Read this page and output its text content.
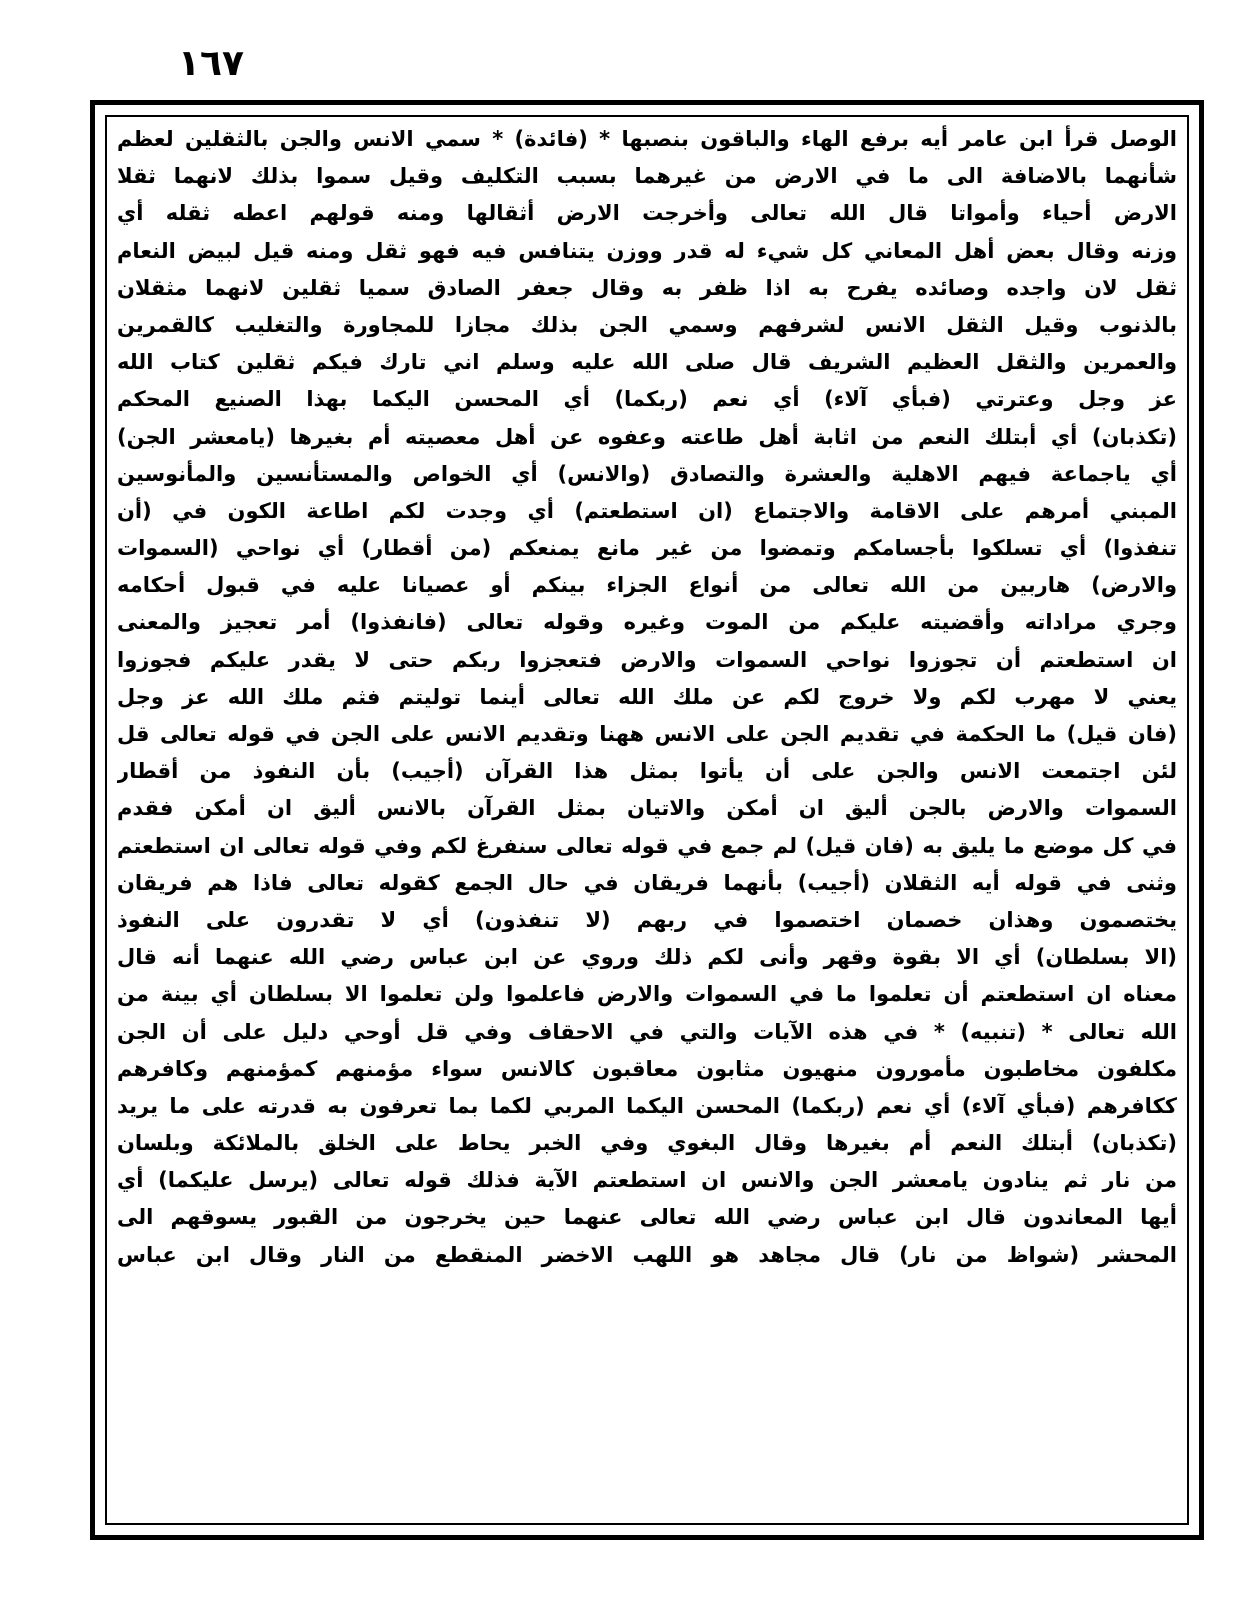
١٦٧
الوصل قرأ ابن عامر أيه برفع الهاء والباقون بنصبها * (فائدة) * سمي الانس والجن بالثقلين لعظم
شأنهما بالاضافة الى ما في الارض من غيرهما بسبب التكليف وقيل سموا بذلك لانهما ثقلا
الارض أحياء وأمواتا قال الله تعالى وأخرجت الارض أثقالها ومنه قولهم اعطه ثقله أي
وزنه وقال بعض أهل المعاني كل شيء له قدر ووزن يتنافس فيه فهو ثقل ومنه قيل لبيض النعام
ثقل لان واجده وصائده يفرح به اذا ظفر به وقال جعفر الصادق سميا ثقلين لانهما مثقلان
بالذنوب وقيل الثقل الانس لشرفهم وسمي الجن بذلك مجازا للمجاورة والتغليب كالقمرين
والعمرين والثقل العظيم الشريف قال صلى الله عليه وسلم اني تارك فيكم ثقلين كتاب الله
عز وجل وعترتي (فبأي آلاء) أي نعم (ربكما) أي المحسن اليكما بهذا الصنيع المحكم
(تكذبان) أي أبتلك النعم من اثابة أهل طاعته وعفوه عن أهل معصيته أم بغيرها (يامعشر الجن)
أي ياجماعة فيهم الاهلية والعشرة والتصادق (والانس) أي الخواص والمستأنسين والمأنوسين
المبني أمرهم على الاقامة والاجتماع (ان استطعتم) أي وجدت لكم اطاعة الكون في (أن
تنفذوا) أي تسلكوا بأجسامكم وتمضوا من غير مانع يمنعكم (من أقطار) أي نواحي (السموات
والارض) هاربين من الله تعالى من أنواع الجزاء بينكم أو عصيانا عليه في قبول أحكامه
وجري مراداته وأقضيته عليكم من الموت وغيره وقوله تعالى (فانفذوا) أمر تعجيز والمعنى
ان استطعتم أن تجوزوا نواحي السموات والارض فتعجزوا ربكم حتى لا يقدر عليكم فجوزوا
يعني لا مهرب لكم ولا خروج لكم عن ملك الله تعالى أينما توليتم فثم ملك الله عز وجل
(فان قيل) ما الحكمة في تقديم الجن على الانس ههنا وتقديم الانس على الجن في قوله تعالى قل
لئن اجتمعت الانس والجن على أن يأتوا بمثل هذا القرآن (أجيب) بأن النفوذ من أقطار
السموات والارض بالجن أليق ان أمكن والاتيان بمثل القرآن بالانس أليق ان أمكن فقدم
في كل موضع ما يليق به (فان قيل) لم جمع في قوله تعالى سنفرغ لكم وفي قوله تعالى ان استطعتم
وثنى في قوله أيه الثقلان (أجيب) بأنهما فريقان في حال الجمع كقوله تعالى فاذا هم فريقان
يختصمون وهذان خصمان اختصموا في ربهم (لا تنفذون) أي لا تقدرون على النفوذ
(الا بسلطان) أي الا بقوة وقهر وأنى لكم ذلك وروي عن ابن عباس رضي الله عنهما أنه قال
معناه ان استطعتم أن تعلموا ما في السموات والارض فاعلموا ولن تعلموا الا بسلطان أي بينة من
الله تعالى * (تنبيه) * في هذه الآيات والتي في الاحقاف وفي قل أوحي دليل على أن الجن
مكلفون مخاطبون مأمورون منهيون مثابون معاقبون كالانس سواء مؤمنهم كمؤمنهم وكافرهم
ككافرهم (فبأي آلاء) أي نعم (ربكما) المحسن اليكما المربي لكما بما تعرفون به قدرته على ما يريد
(تكذبان) أبتلك النعم أم بغيرها وقال البغوي وفي الخبر يحاط على الخلق بالملائكة وبلسان
من نار ثم ينادون يامعشر الجن والانس ان استطعتم الآية فذلك قوله تعالى (يرسل عليكما) أي
أيها المعاندون قال ابن عباس رضي الله تعالى عنهما حين يخرجون من القبور يسوقهم الى
المحشر (شواظ من نار) قال مجاهد هو اللهب الاخضر المنقطع من النار وقال ابن عباس
